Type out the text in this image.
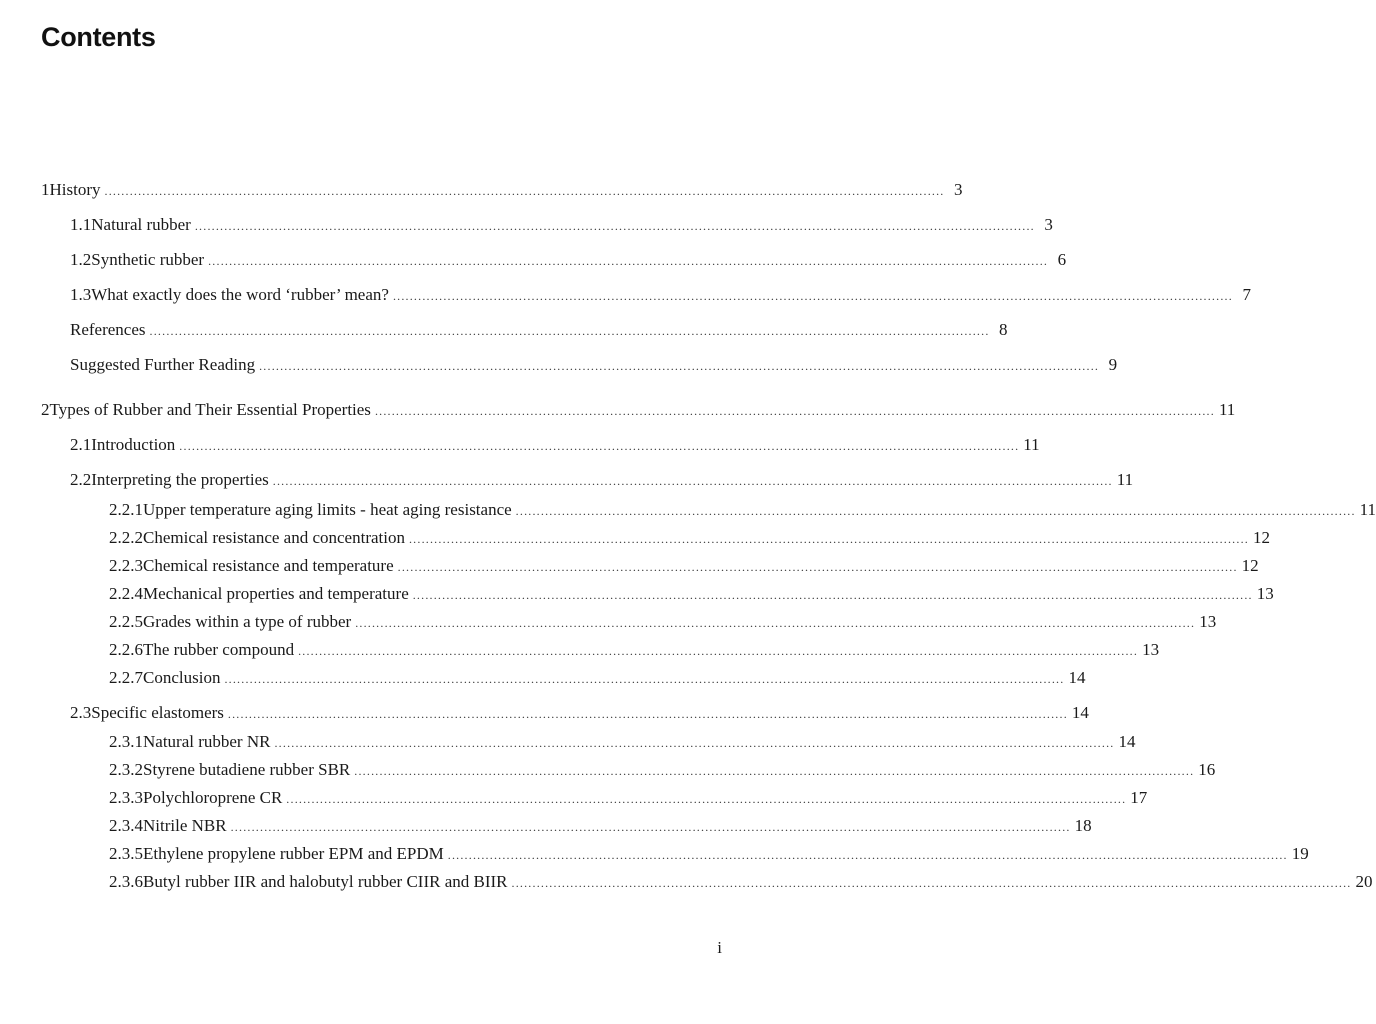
Contents
1 History ........................................................................................................................................................................................................ 3
1.1 Natural rubber ........................................................................................................................................................................................................ 3
1.2 Synthetic rubber ........................................................................................................................................................................................................ 6
1.3 What exactly does the word ‘rubber’ mean? ........................................................................................................................................................................................................ 7
References ........................................................................................................................................................................................................ 8
Suggested Further Reading ........................................................................................................................................................................................................ 9
2 Types of Rubber and Their Essential Properties ........................................................................................................................................................................................................ 11
2.1 Introduction ........................................................................................................................................................................................................ 11
2.2 Interpreting the properties ........................................................................................................................................................................................................ 11
2.2.1 Upper temperature aging limits - heat aging resistance ........................................................................................................................................................................................................ 11
2.2.2 Chemical resistance and concentration ........................................................................................................................................................................................................ 12
2.2.3 Chemical resistance and temperature ........................................................................................................................................................................................................ 12
2.2.4 Mechanical properties and temperature ........................................................................................................................................................................................................ 13
2.2.5 Grades within a type of rubber ........................................................................................................................................................................................................ 13
2.2.6 The rubber compound ........................................................................................................................................................................................................ 13
2.2.7 Conclusion ........................................................................................................................................................................................................ 14
2.3 Specific elastomers ........................................................................................................................................................................................................ 14
2.3.1 Natural rubber NR ........................................................................................................................................................................................................ 14
2.3.2 Styrene butadiene rubber SBR ........................................................................................................................................................................................................ 16
2.3.3 Polychloroprene CR ........................................................................................................................................................................................................ 17
2.3.4 Nitrile NBR ........................................................................................................................................................................................................ 18
2.3.5 Ethylene propylene rubber EPM and EPDM ........................................................................................................................................................................................................ 19
2.3.6 Butyl rubber IIR and halobutyl rubber CIIR and BIIR ........................................................................................................................................................................................................ 20
i
